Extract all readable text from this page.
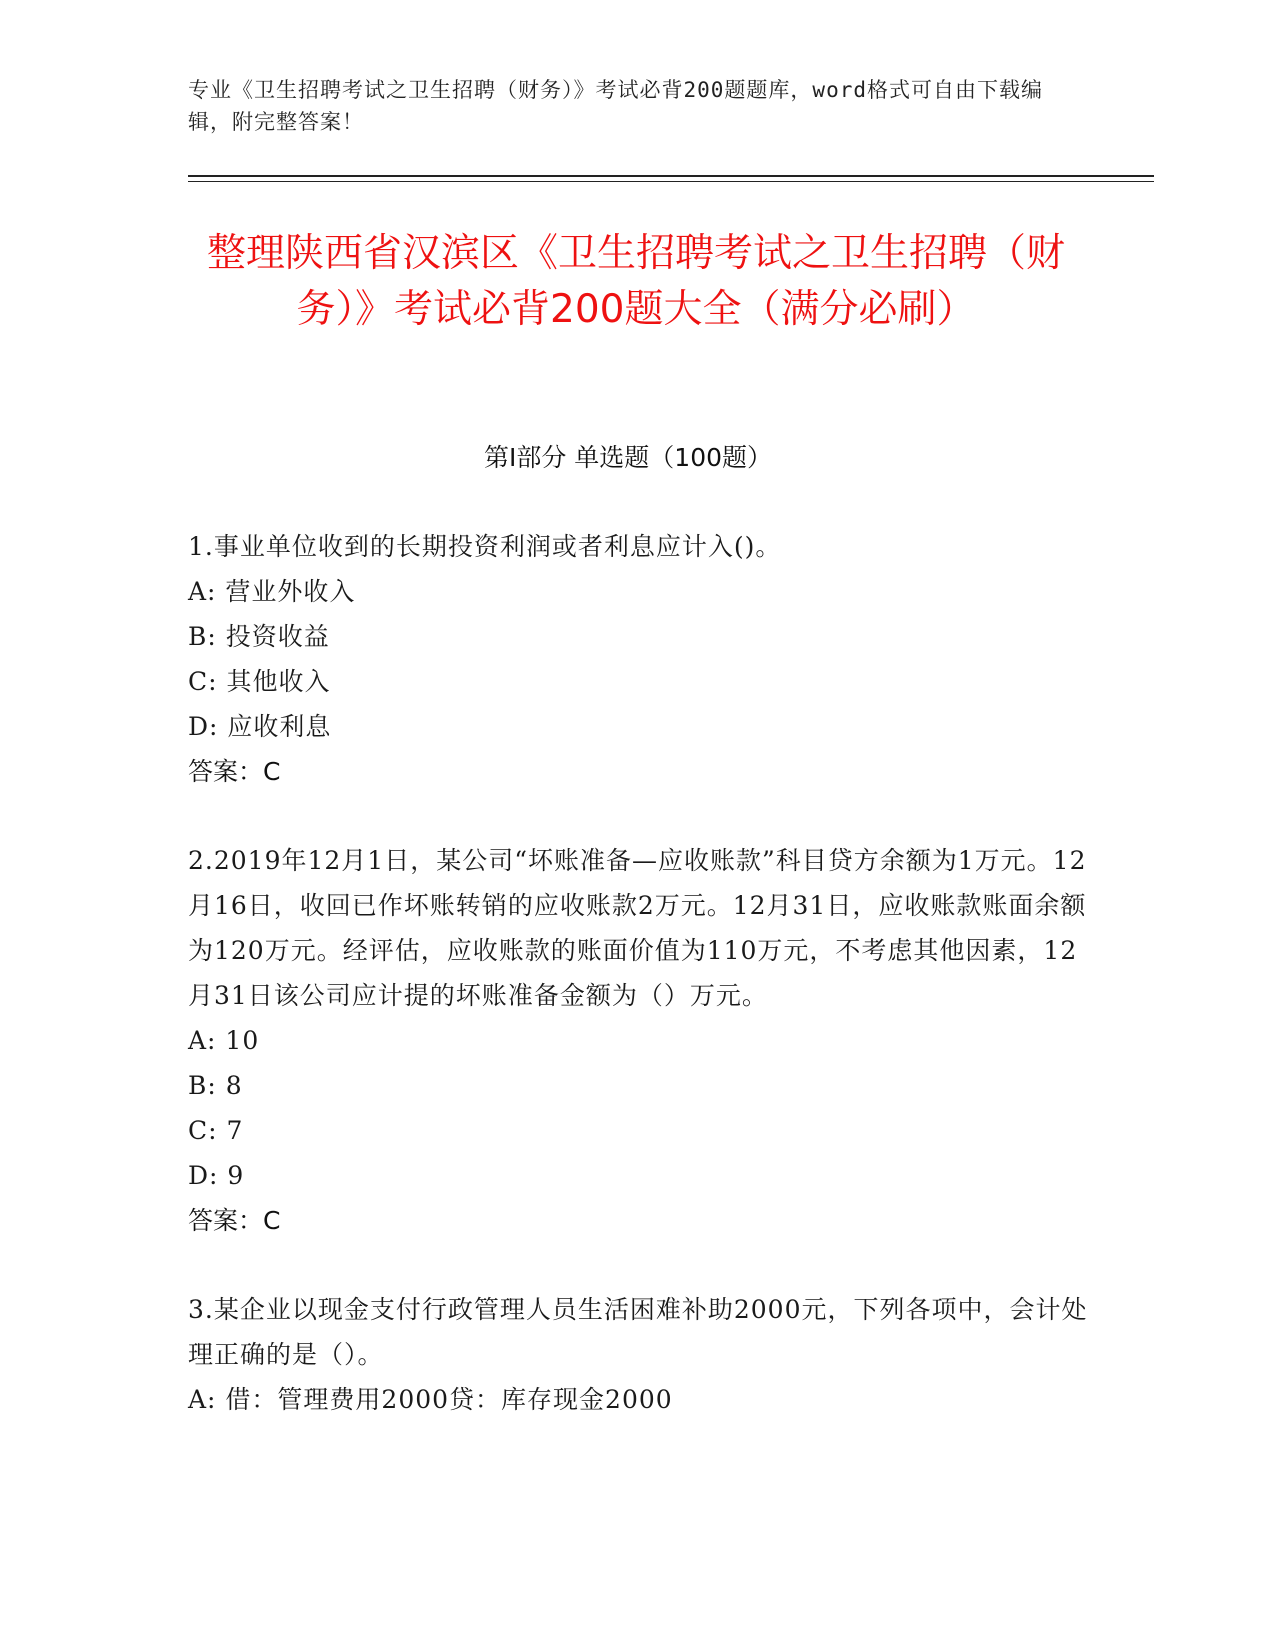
专业《卫生招聘考试之卫生招聘（财务）》考试必背200题题库，word格式可自由下载编辑，附完整答案！
整理陕西省汉滨区《卫生招聘考试之卫生招聘（财务）》考试必背200题大全（满分必刷）
第I部分 单选题（100题）

1.事业单位收到的长期投资利润或者利息应计入()。

A: 营业外收入

B: 投资收益

C: 其他收入

D: 应收利息

答案：C

2.2019年12月1日，某公司“坏账准备—应收账款”科目贷方余额为1万元。12月16日，收回已作坏账转销的应收账款2万元。12月31日，应收账款账面余额为120万元。经评估，应收账款的账面价值为110万元，不考虑其他因素，12月31日该公司应计提的坏账准备金额为（）万元。

A: 10

B: 8

C: 7

D: 9

答案：C

3.某企业以现金支付行政管理人员生活困难补助2000元，下列各项中，会计处理正确的是（）。

A: 借：管理费用2000贷：库存现金2000
